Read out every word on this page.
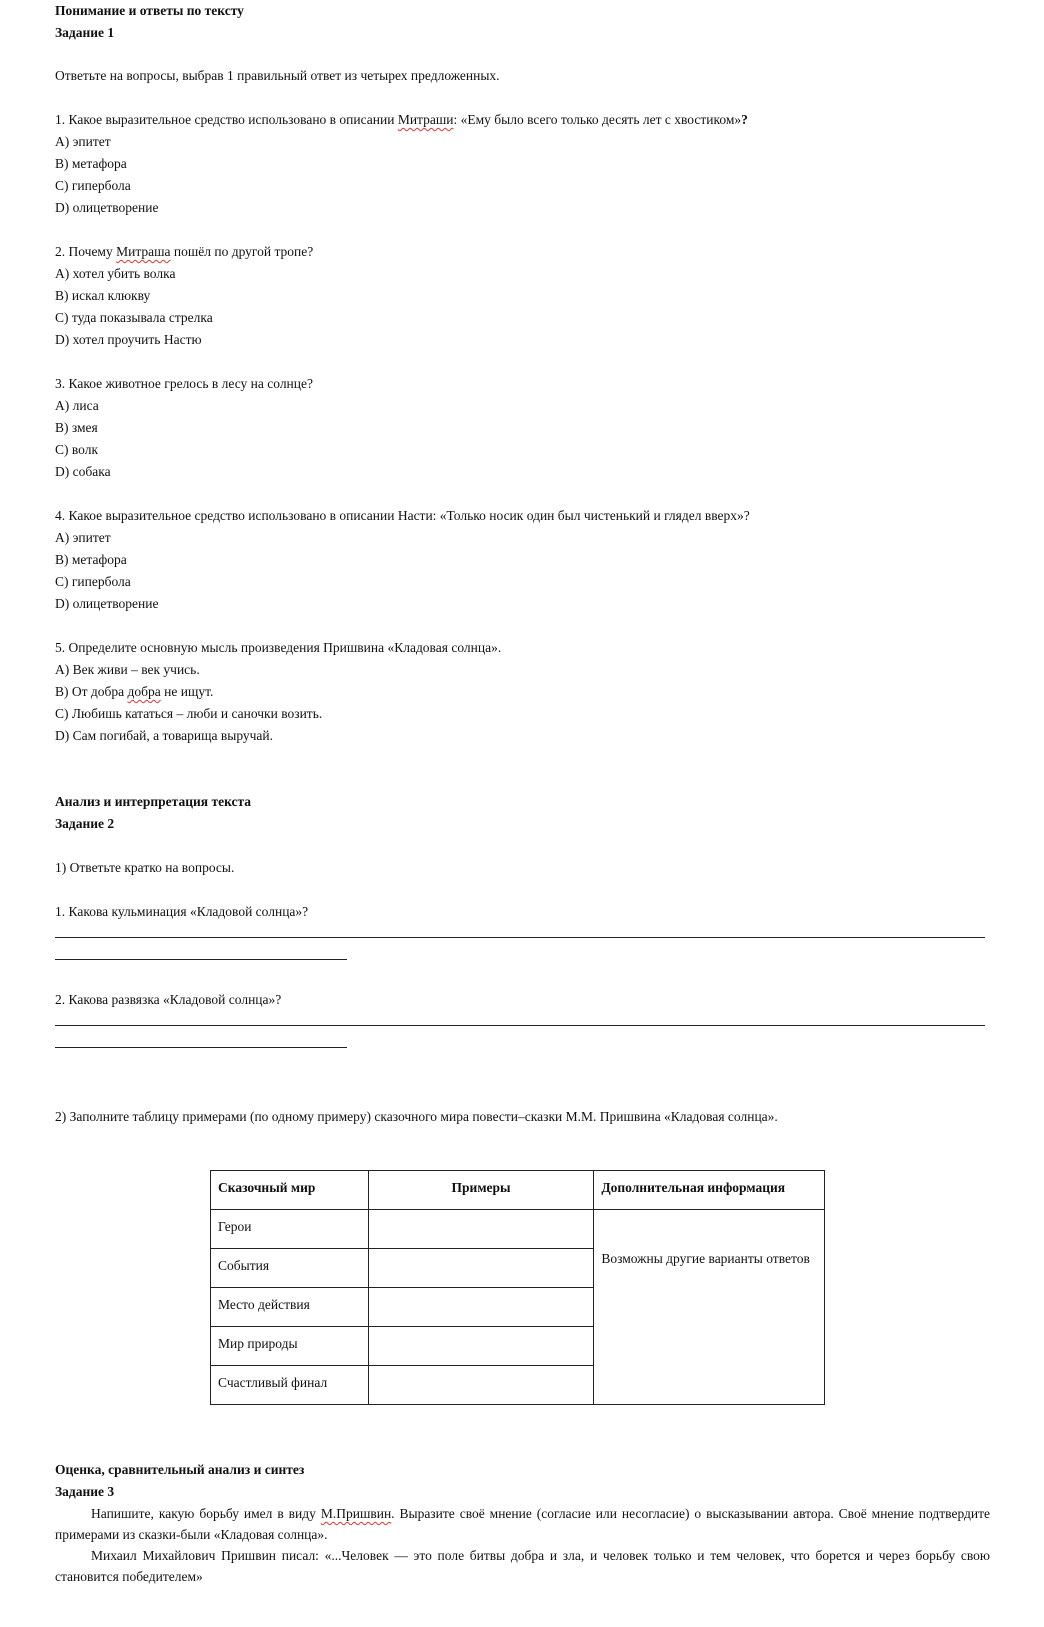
Понимание и ответы по тексту
Задание 1
Ответьте на вопросы, выбрав 1 правильный ответ из четырех предложенных.
1. Какое выразительное средство использовано в описании Митраши: «Ему было всего только десять лет с хвостиком»?
A) эпитет
B) метафора
C) гипербола
D) олицетворение
2. Почему Митраша пошёл по другой тропе?
A) хотел убить волка
B) искал клюкву
C) туда показывала стрелка
D) хотел проучить Настю
3. Какое животное грелось в лесу на солнце?
A) лиса
B) змея
C) волк
D) собака
4. Какое выразительное средство использовано в описании Насти: «Только носик один был чистенький и глядел вверх»?
A) эпитет
B) метафора
C) гипербола
D) олицетворение
5. Определите основную мысль произведения Пришвина «Кладовая солнца».
A) Век живи – век учись.
B) От добра добра не ищут.
C) Любишь кататься – люби и саночки возить.
D) Сам погибай, а товарища выручай.
Анализ и интерпретация текста
Задание 2
1) Ответьте кратко на вопросы.
1. Какова кульминация «Кладовой солнца»?
2. Какова развязка «Кладовой солнца»?
2) Заполните таблицу примерами (по одному примеру) сказочного мира повести–сказки М.М. Пришвина «Кладовая солнца».
Сказочный мир	Примеры	Дополнительная информация
Герои		Возможны другие варианты ответов

События		
Место действия		
Мир природы		
Счастливый финал		
Оценка, сравнительный анализ и синтез
Задание 3
Напишите, какую борьбу имел в виду М.Пришвин. Выразите своё мнение (согласие или несогласие) о высказывании автора. Своё мнение подтвердите примерами из сказки-были «Кладовая солнца».
Михаил Михайлович Пришвин писал: «...Человек — это поле битвы добра и зла, и человек только и тем человек, что борется и через борьбу свою становится победителем»
